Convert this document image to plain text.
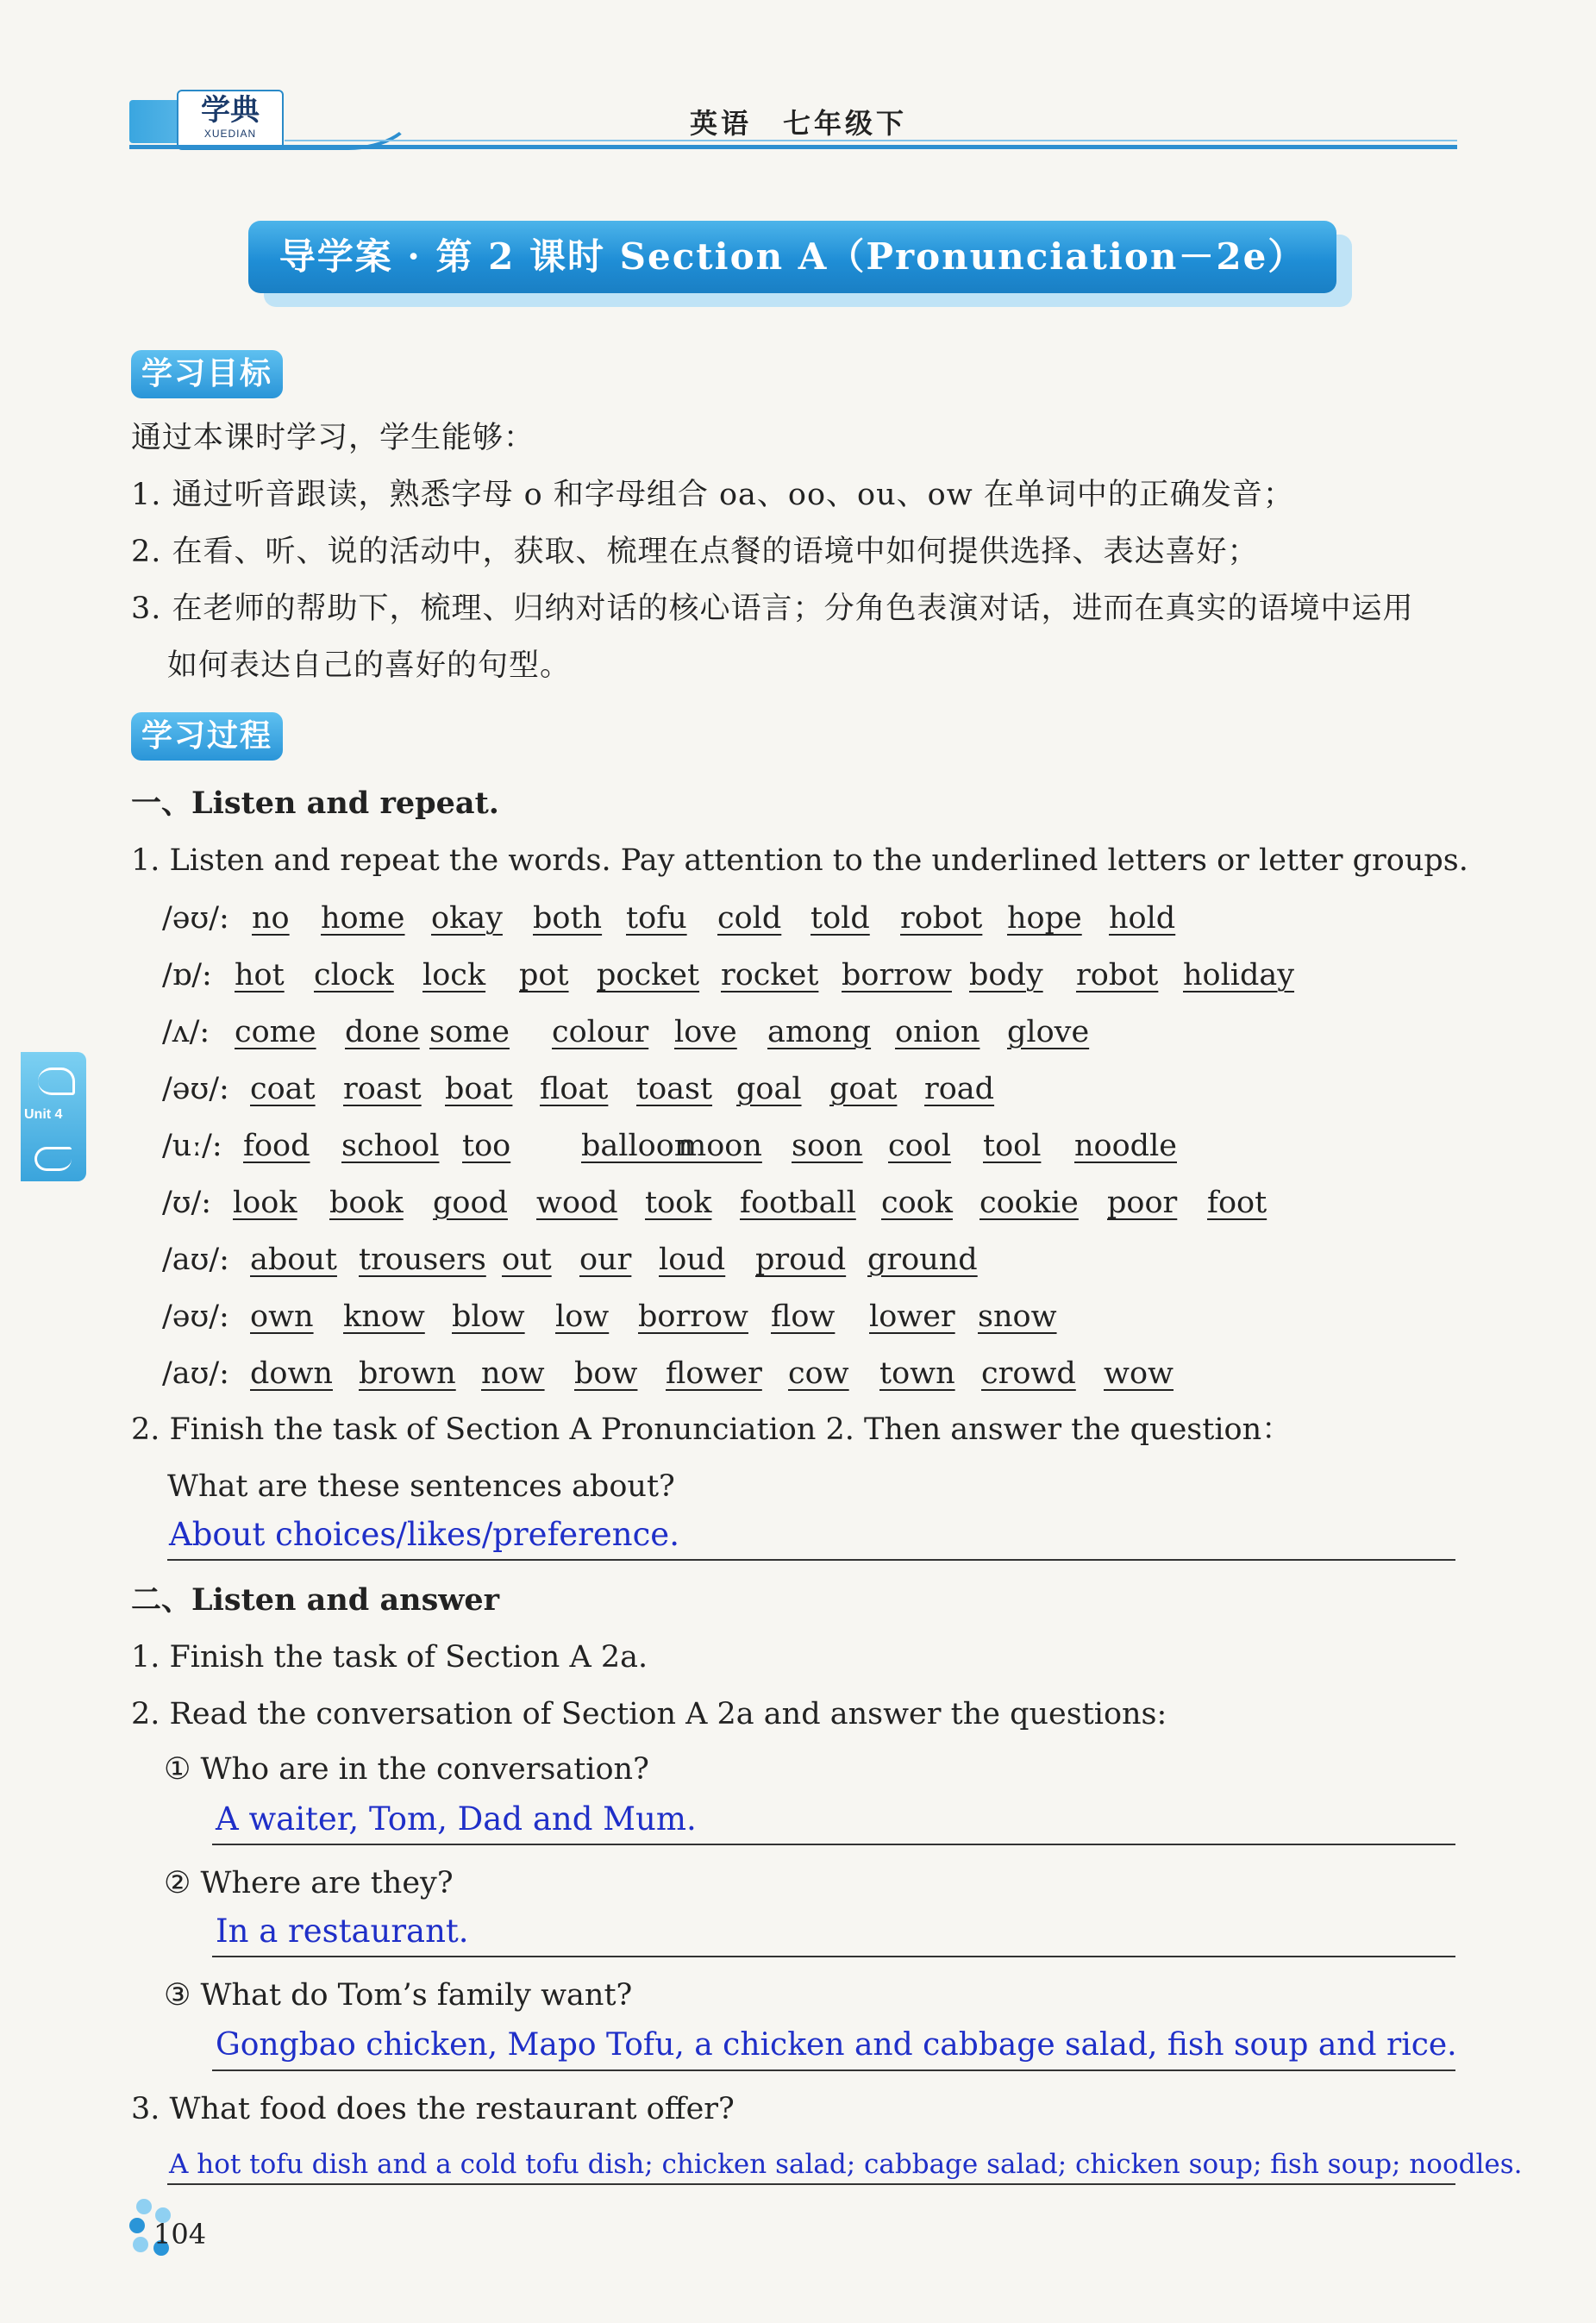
学典
XUEDIAN	英语　七年级下
导学案 · 第 2 课时 Section A（Pronunciation－2e）
Unit 4
学习目标
通过本课时学习，学生能够：
1. 通过听音跟读，熟悉字母 o 和字母组合 oa、oo、ou、ow 在单词中的正确发音；
2. 在看、听、说的活动中，获取、梳理在点餐的语境中如何提供选择、表达喜好；
3. 在老师的帮助下，梳理、归纳对话的核心语言；分角色表演对话，进而在真实的语境中运用
如何表达自己的喜好的句型。
学习过程
一、Listen and repeat.
1. Listen and repeat the words. Pay attention to the underlined letters or letter groups.
/əʊ/: no home okay both tofu cold told robot hope hold
/ɒ/: hot clock lock pot pocket rocket borrow body robot holiday
/ʌ/: come done some colour love among onion glove
/əʊ/: coat roast boat float toast goal goat road
/uː/: food school too balloon
moon soon cool tool noodle
/ʊ/: look book good wood took football cook cookie poor foot
/aʊ/: about trousers out our loud proud ground
/əʊ/: own know blow low borrow flow lower snow
/aʊ/: down brown now bow flower cow town crowd wow
2. Finish the task of Section A Pronunciation 2. Then answer the question：
What are these sentences about?
About choices/likes/preference.
二、Listen and answer
1. Finish the task of Section A 2a.
2. Read the conversation of Section A 2a and answer the questions:
① Who are in the conversation?
A waiter, Tom, Dad and Mum.
② Where are they?
In a restaurant.
③ What do Tom’s family want?
Gongbao chicken, Mapo Tofu, a chicken and cabbage salad, fish soup and rice.
3. What food does the restaurant offer?
A hot tofu dish and a cold tofu dish; chicken salad; cabbage salad; chicken soup; fish soup; noodles.
104
